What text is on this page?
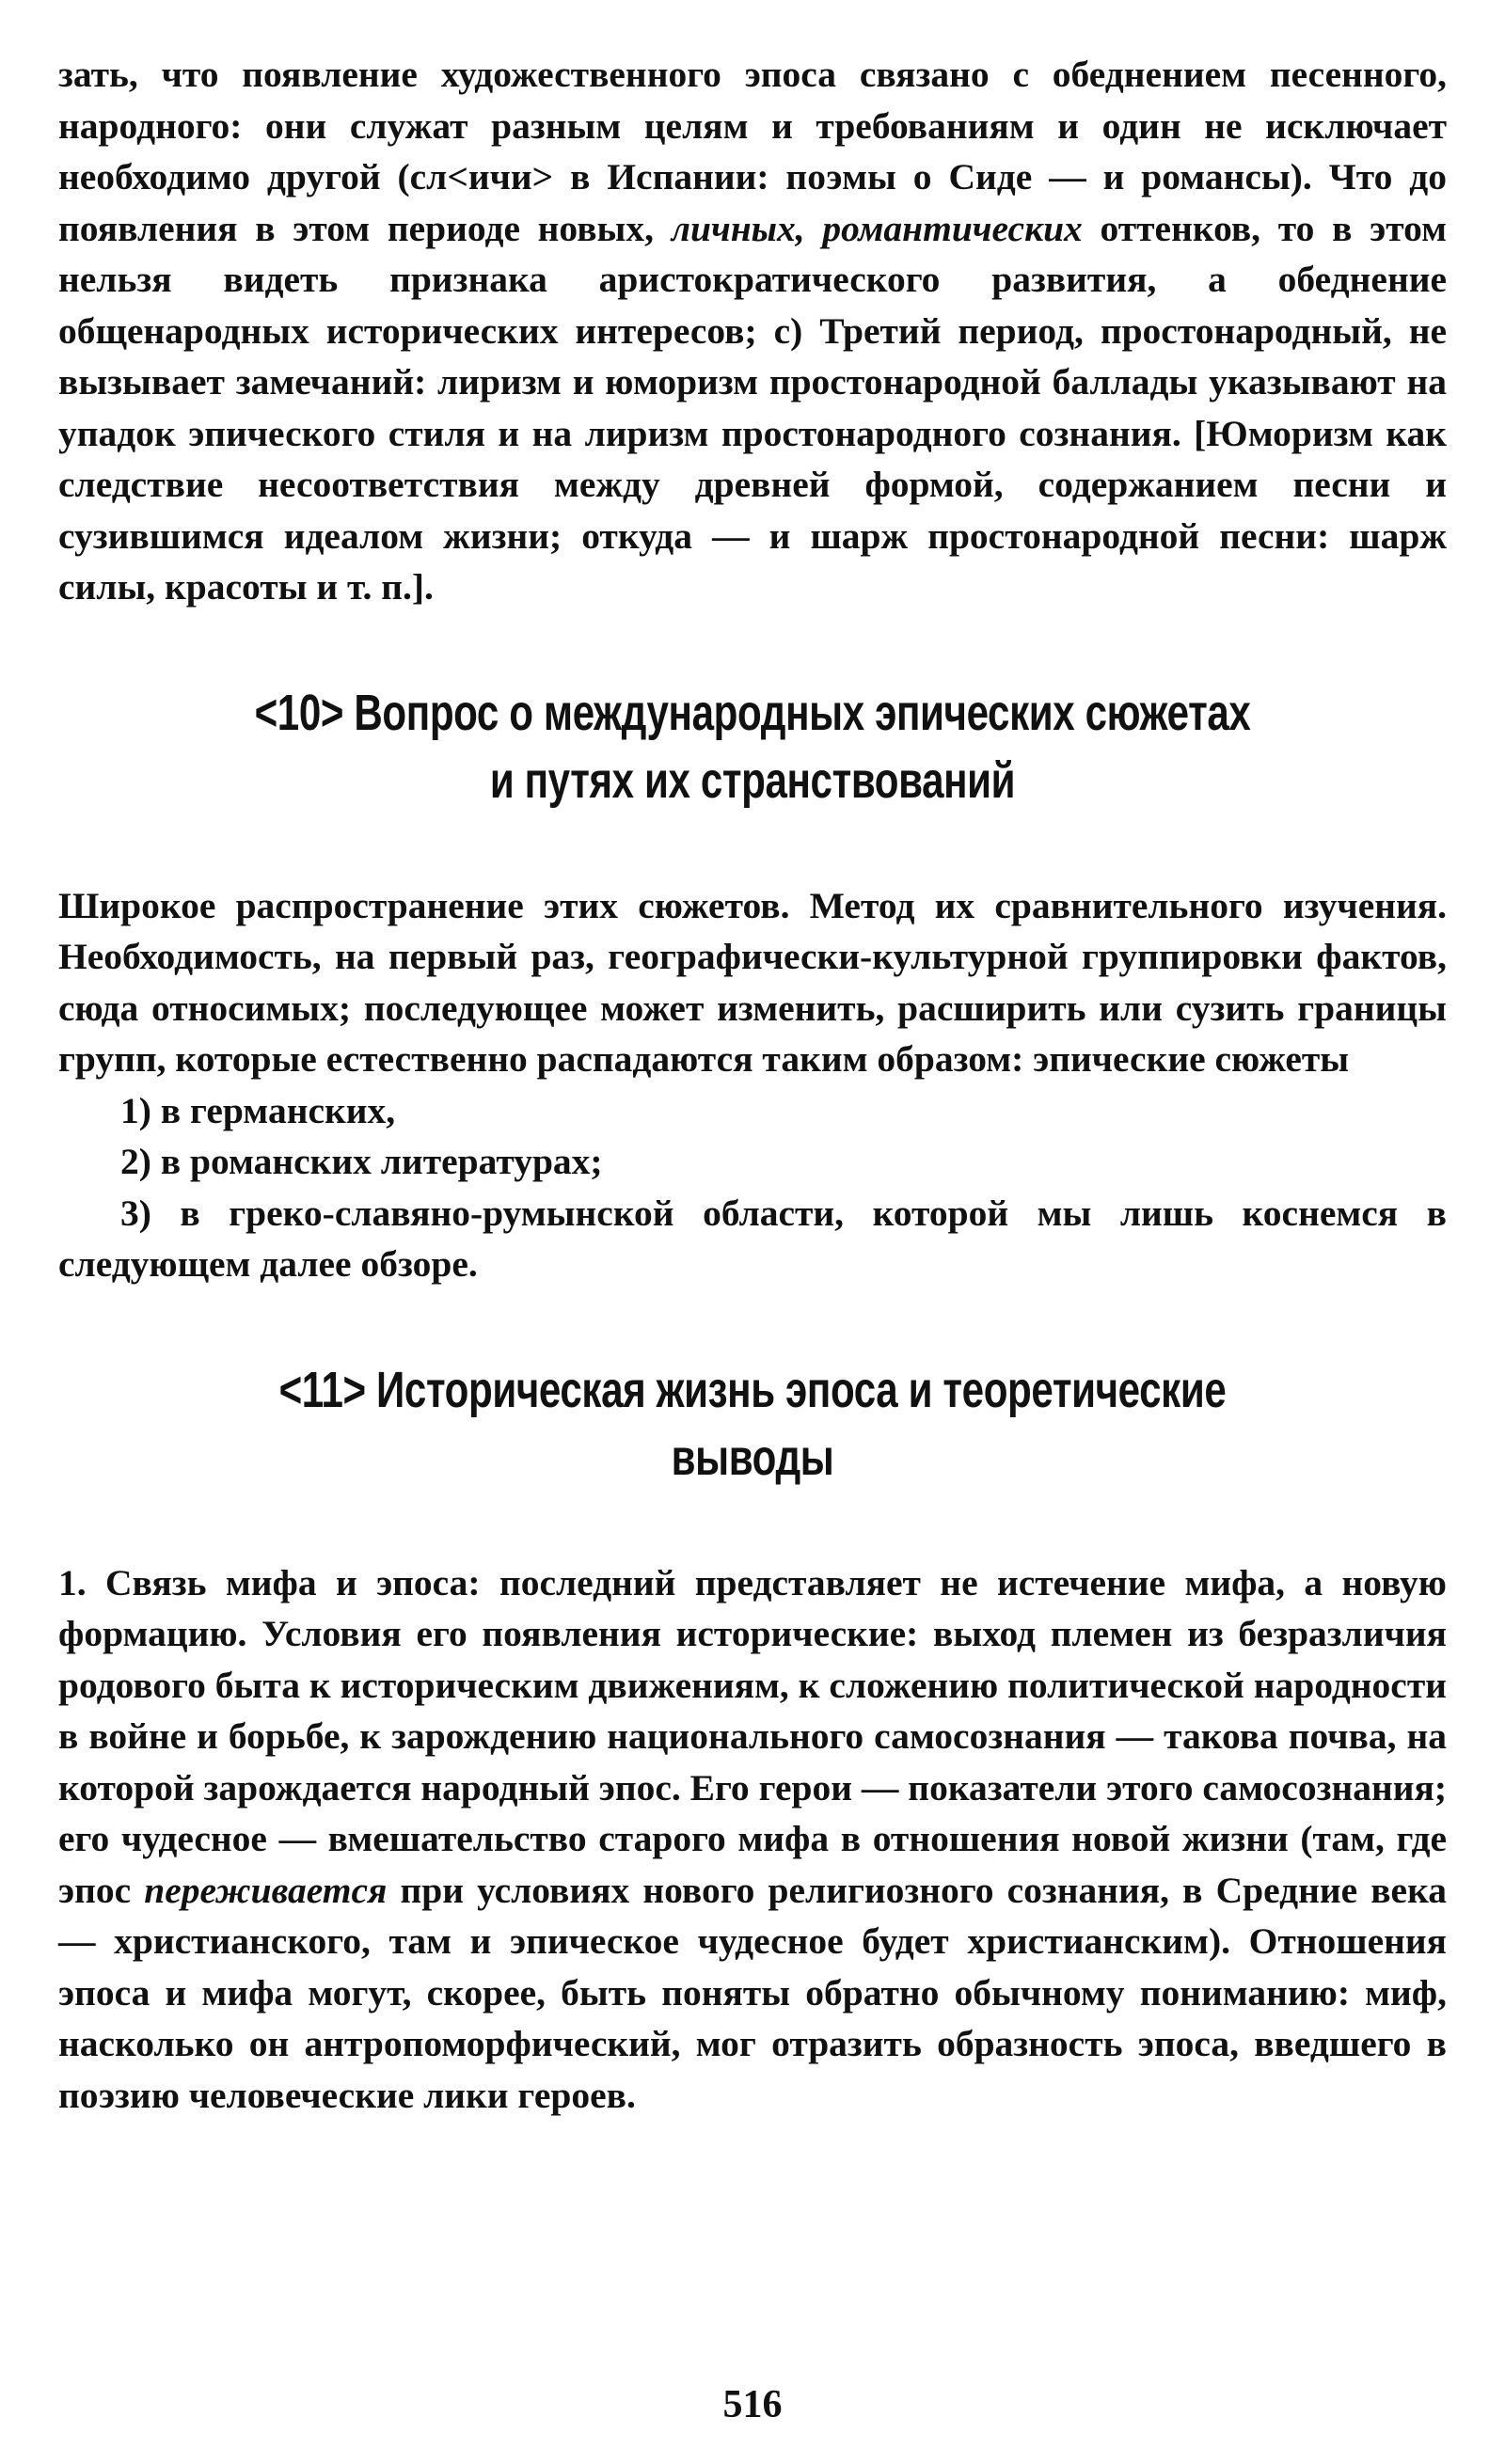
зать, что появление художественного эпоса связано с обеднением песенного, народного: они служат разным целям и требованиям и один не исключает необходимо другой (сл<ичи> в Испании: поэмы о Сиде — и романсы). Что до появления в этом периоде новых, личных, романтических оттенков, то в этом нельзя видеть признака аристократического развития, а обеднение общенародных исторических интересов; c) Третий период, простонародный, не вызывает замечаний: лиризм и юморизм простонародной баллады указывают на упадок эпического стиля и на лиризм простонародного сознания. [Юморизм как следствие несоответствия между древней формой, содержанием песни и сузившимся идеалом жизни; откуда — и шарж простонародной песни: шарж силы, красоты и т. п.].

<10> Вопрос о международных эпических сюжетах
и путях их странствований

Широкое распространение этих сюжетов. Метод их сравнительного изучения. Необходимость, на первый раз, географически-культурной группировки фактов, сюда относимых; последующее может изменить, расширить или сузить границы групп, которые естественно распадаются таким образом: эпические сюжеты

1) в германских,

2) в романских литературах;

3) в греко-славяно-румынской области, которой мы лишь коснемся в следующем далее обзоре.

<11> Историческая жизнь эпоса и теоретические выводы

1. Связь мифа и эпоса: последний представляет не истечение мифа, а новую формацию. Условия его появления исторические: выход племен из безразличия родового быта к историческим движениям, к сложению политической народности в войне и борьбе, к зарождению национального самосознания — такова почва, на которой зарождается народный эпос. Его герои — показатели этого самосознания; его чудесное — вмешательство старого мифа в отношения новой жизни (там, где эпос переживается при условиях нового религиозного сознания, в Средние века — христианского, там и эпическое чудесное будет христианским). Отношения эпоса и мифа могут, скорее, быть поняты обратно обычному пониманию: миф, насколько он антропоморфический, мог отразить образность эпоса, введшего в поэзию человеческие лики героев.

516
